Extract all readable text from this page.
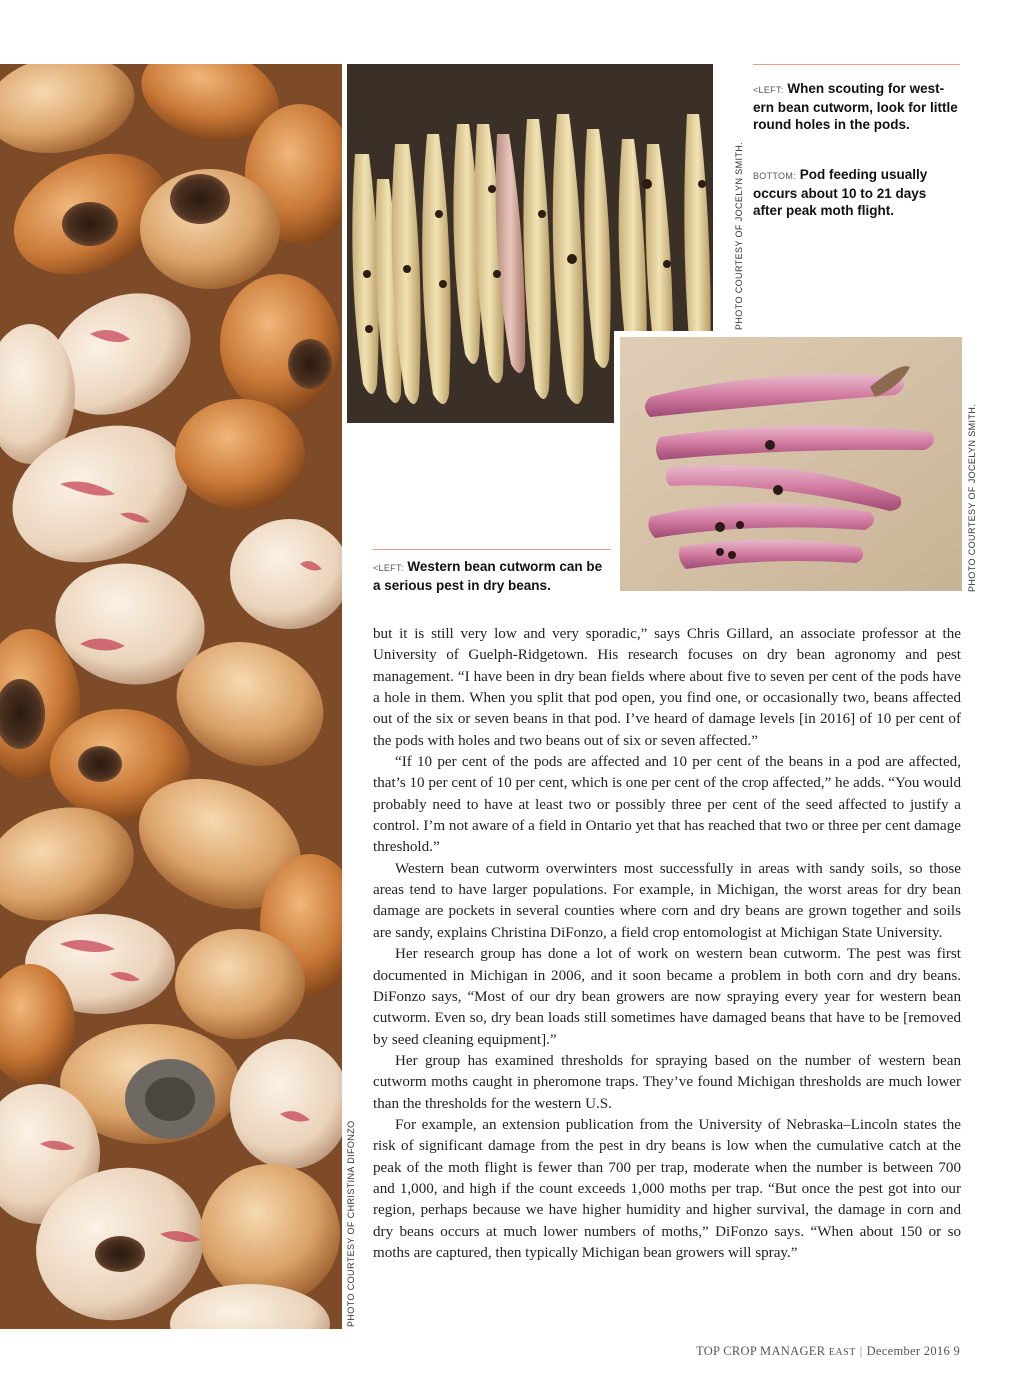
PHOTO COURTESY OF CHRISTINA DIFONZO
PHOTO COURTESY OF JOCELYN SMITH.
PHOTO COURTESY OF JOCELYN SMITH.
<LEFT: When scouting for west-ern bean cutworm, look for little round holes in the pods.
BOTTOM: Pod feeding usually occurs about 10 to 21 days after peak moth flight.
<LEFT: Western bean cutworm can be a serious pest in dry beans.

but it is still very low and very sporadic,” says Chris Gillard, an associate professor at the University of Guelph-Ridgetown. His research focuses on dry bean agronomy and pest management. “I have been in dry bean fields where about five to seven per cent of the pods have a hole in them. When you split that pod open, you find one, or occasionally two, beans affected out of the six or seven beans in that pod. I’ve heard of damage levels [in 2016] of 10 per cent of the pods with holes and two beans out of six or seven affected.”

“If 10 per cent of the pods are affected and 10 per cent of the beans in a pod are affected, that’s 10 per cent of 10 per cent, which is one per cent of the crop affected,” he adds. “You would probably need to have at least two or possibly three per cent of the seed affected to justify a control. I’m not aware of a field in Ontario yet that has reached that two or three per cent damage threshold.”

Western bean cutworm overwinters most successfully in areas with sandy soils, so those areas tend to have larger populations. For example, in Michigan, the worst areas for dry bean damage are pockets in several counties where corn and dry beans are grown together and soils are sandy, explains Christina DiFonzo, a field crop entomologist at Michigan State University.

Her research group has done a lot of work on western bean cutworm. The pest was first documented in Michigan in 2006, and it soon became a problem in both corn and dry beans. DiFonzo says, “Most of our dry bean growers are now spraying every year for western bean cutworm. Even so, dry bean loads still sometimes have damaged beans that have to be [removed by seed cleaning equipment].”

Her group has examined thresholds for spraying based on the number of western bean cutworm moths caught in pheromone traps. They’ve found Michigan thresholds are much lower than the thresholds for the western U.S.

For example, an extension publication from the University of Nebraska–Lincoln states the risk of significant damage from the pest in dry beans is low when the cumulative catch at the peak of the moth flight is fewer than 700 per trap, moderate when the number is between 700 and 1,000, and high if the count exceeds 1,000 moths per trap. “But once the pest got into our region, perhaps because we have higher humidity and higher survival, the damage in corn and dry beans occurs at much lower numbers of moths,” DiFonzo says. “When about 150 or so moths are captured, then typically Michigan bean growers will spray.”

TOP CROP MANAGER EAST | December 2016 9
